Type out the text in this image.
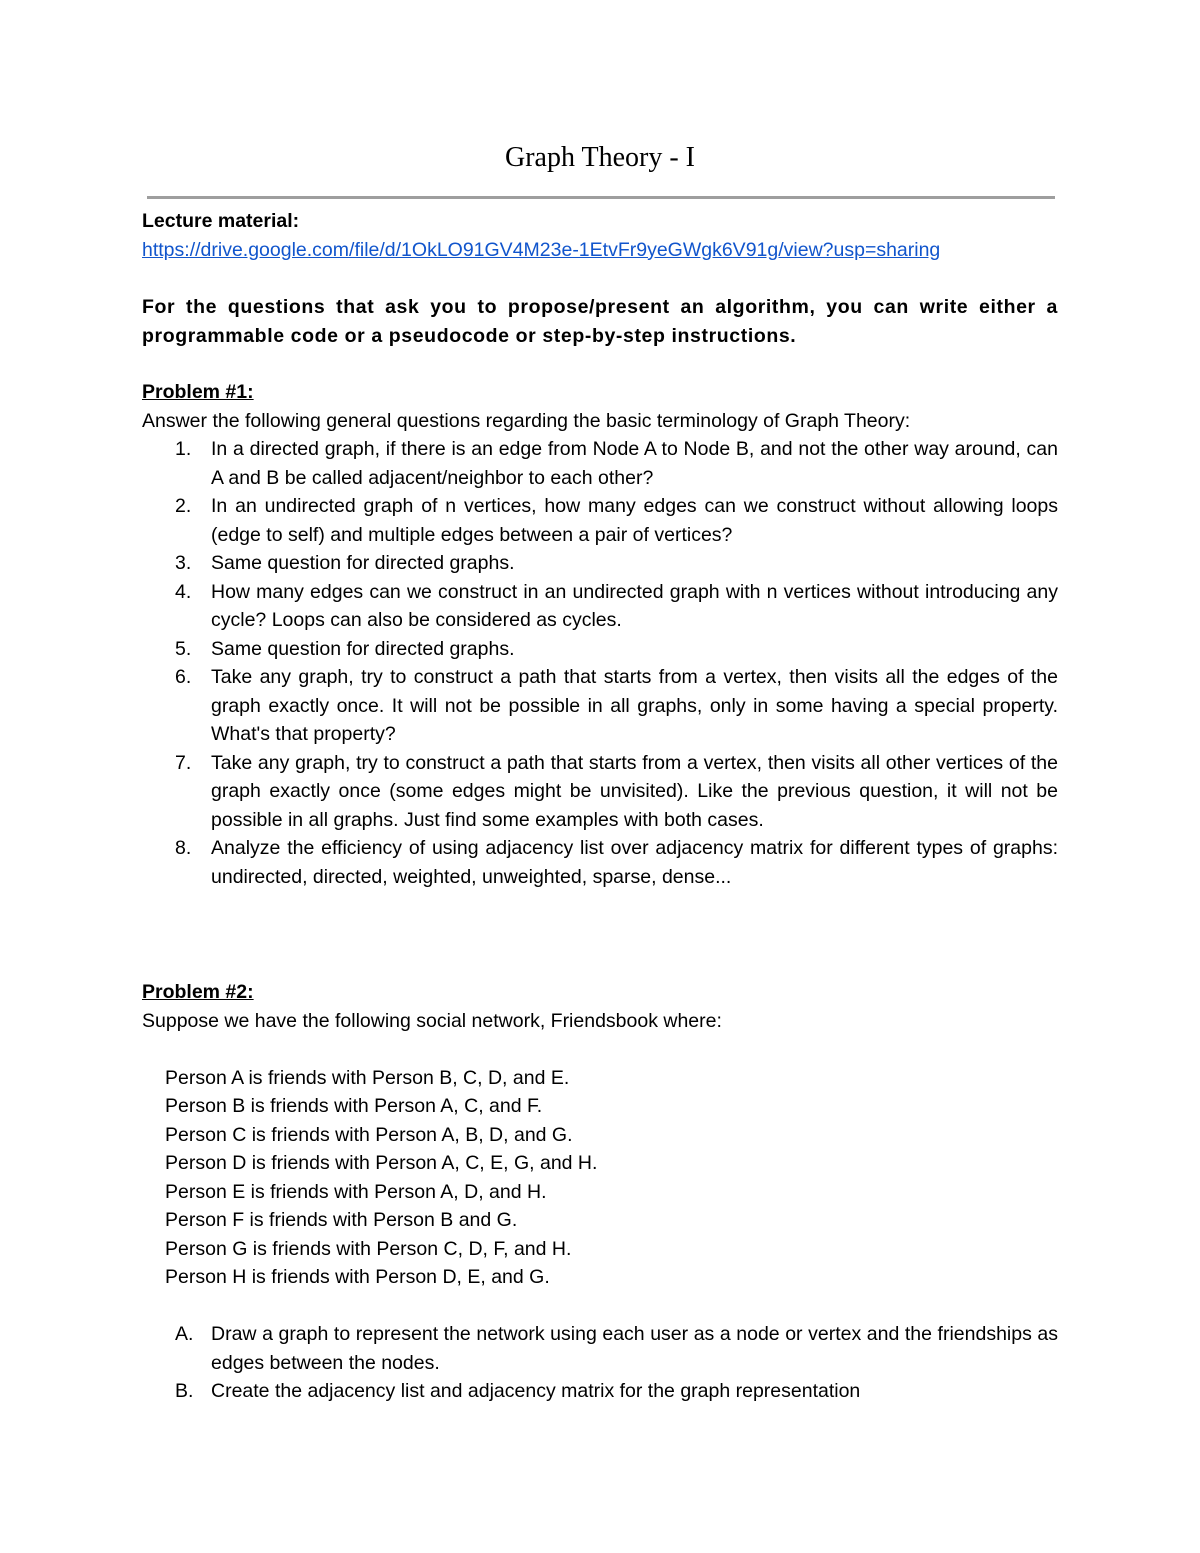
Graph Theory - I

Lecture material:

https://drive.google.com/file/d/1OkLO91GV4M23e-1EtvFr9yeGWgk6V91g/view?usp=sharing

For the questions that ask you to propose/present an algorithm, you can write either a programmable code or a pseudocode or step-by-step instructions.

Problem #1:

Answer the following general questions regarding the basic terminology of Graph Theory:

1. In a directed graph, if there is an edge from Node A to Node B, and not the other way around, can A and B be called adjacent/neighbor to each other?
2. In an undirected graph of n vertices, how many edges can we construct without allowing loops (edge to self) and multiple edges between a pair of vertices?
3. Same question for directed graphs.
4. How many edges can we construct in an undirected graph with n vertices without introducing any cycle? Loops can also be considered as cycles.
5. Same question for directed graphs.
6. Take any graph, try to construct a path that starts from a vertex, then visits all the edges of the graph exactly once. It will not be possible in all graphs, only in some having a special property. What's that property?
7. Take any graph, try to construct a path that starts from a vertex, then visits all other vertices of the graph exactly once (some edges might be unvisited). Like the previous question, it will not be possible in all graphs. Just find some examples with both cases.
8. Analyze the efficiency of using adjacency list over adjacency matrix for different types of graphs: undirected, directed, weighted, unweighted, sparse, dense...

Problem #2:

Suppose we have the following social network, Friendsbook where:

Person A is friends with Person B, C, D, and E.

Person B is friends with Person A, C, and F.

Person C is friends with Person A, B, D, and G.

Person D is friends with Person A, C, E, G, and H.

Person E is friends with Person A, D, and H.

Person F is friends with Person B and G.

Person G is friends with Person C, D, F, and H.

Person H is friends with Person D, E, and G.

A. Draw a graph to represent the network using each user as a node or vertex and the friendships as edges between the nodes.
B. Create the adjacency list and adjacency matrix for the graph representation
